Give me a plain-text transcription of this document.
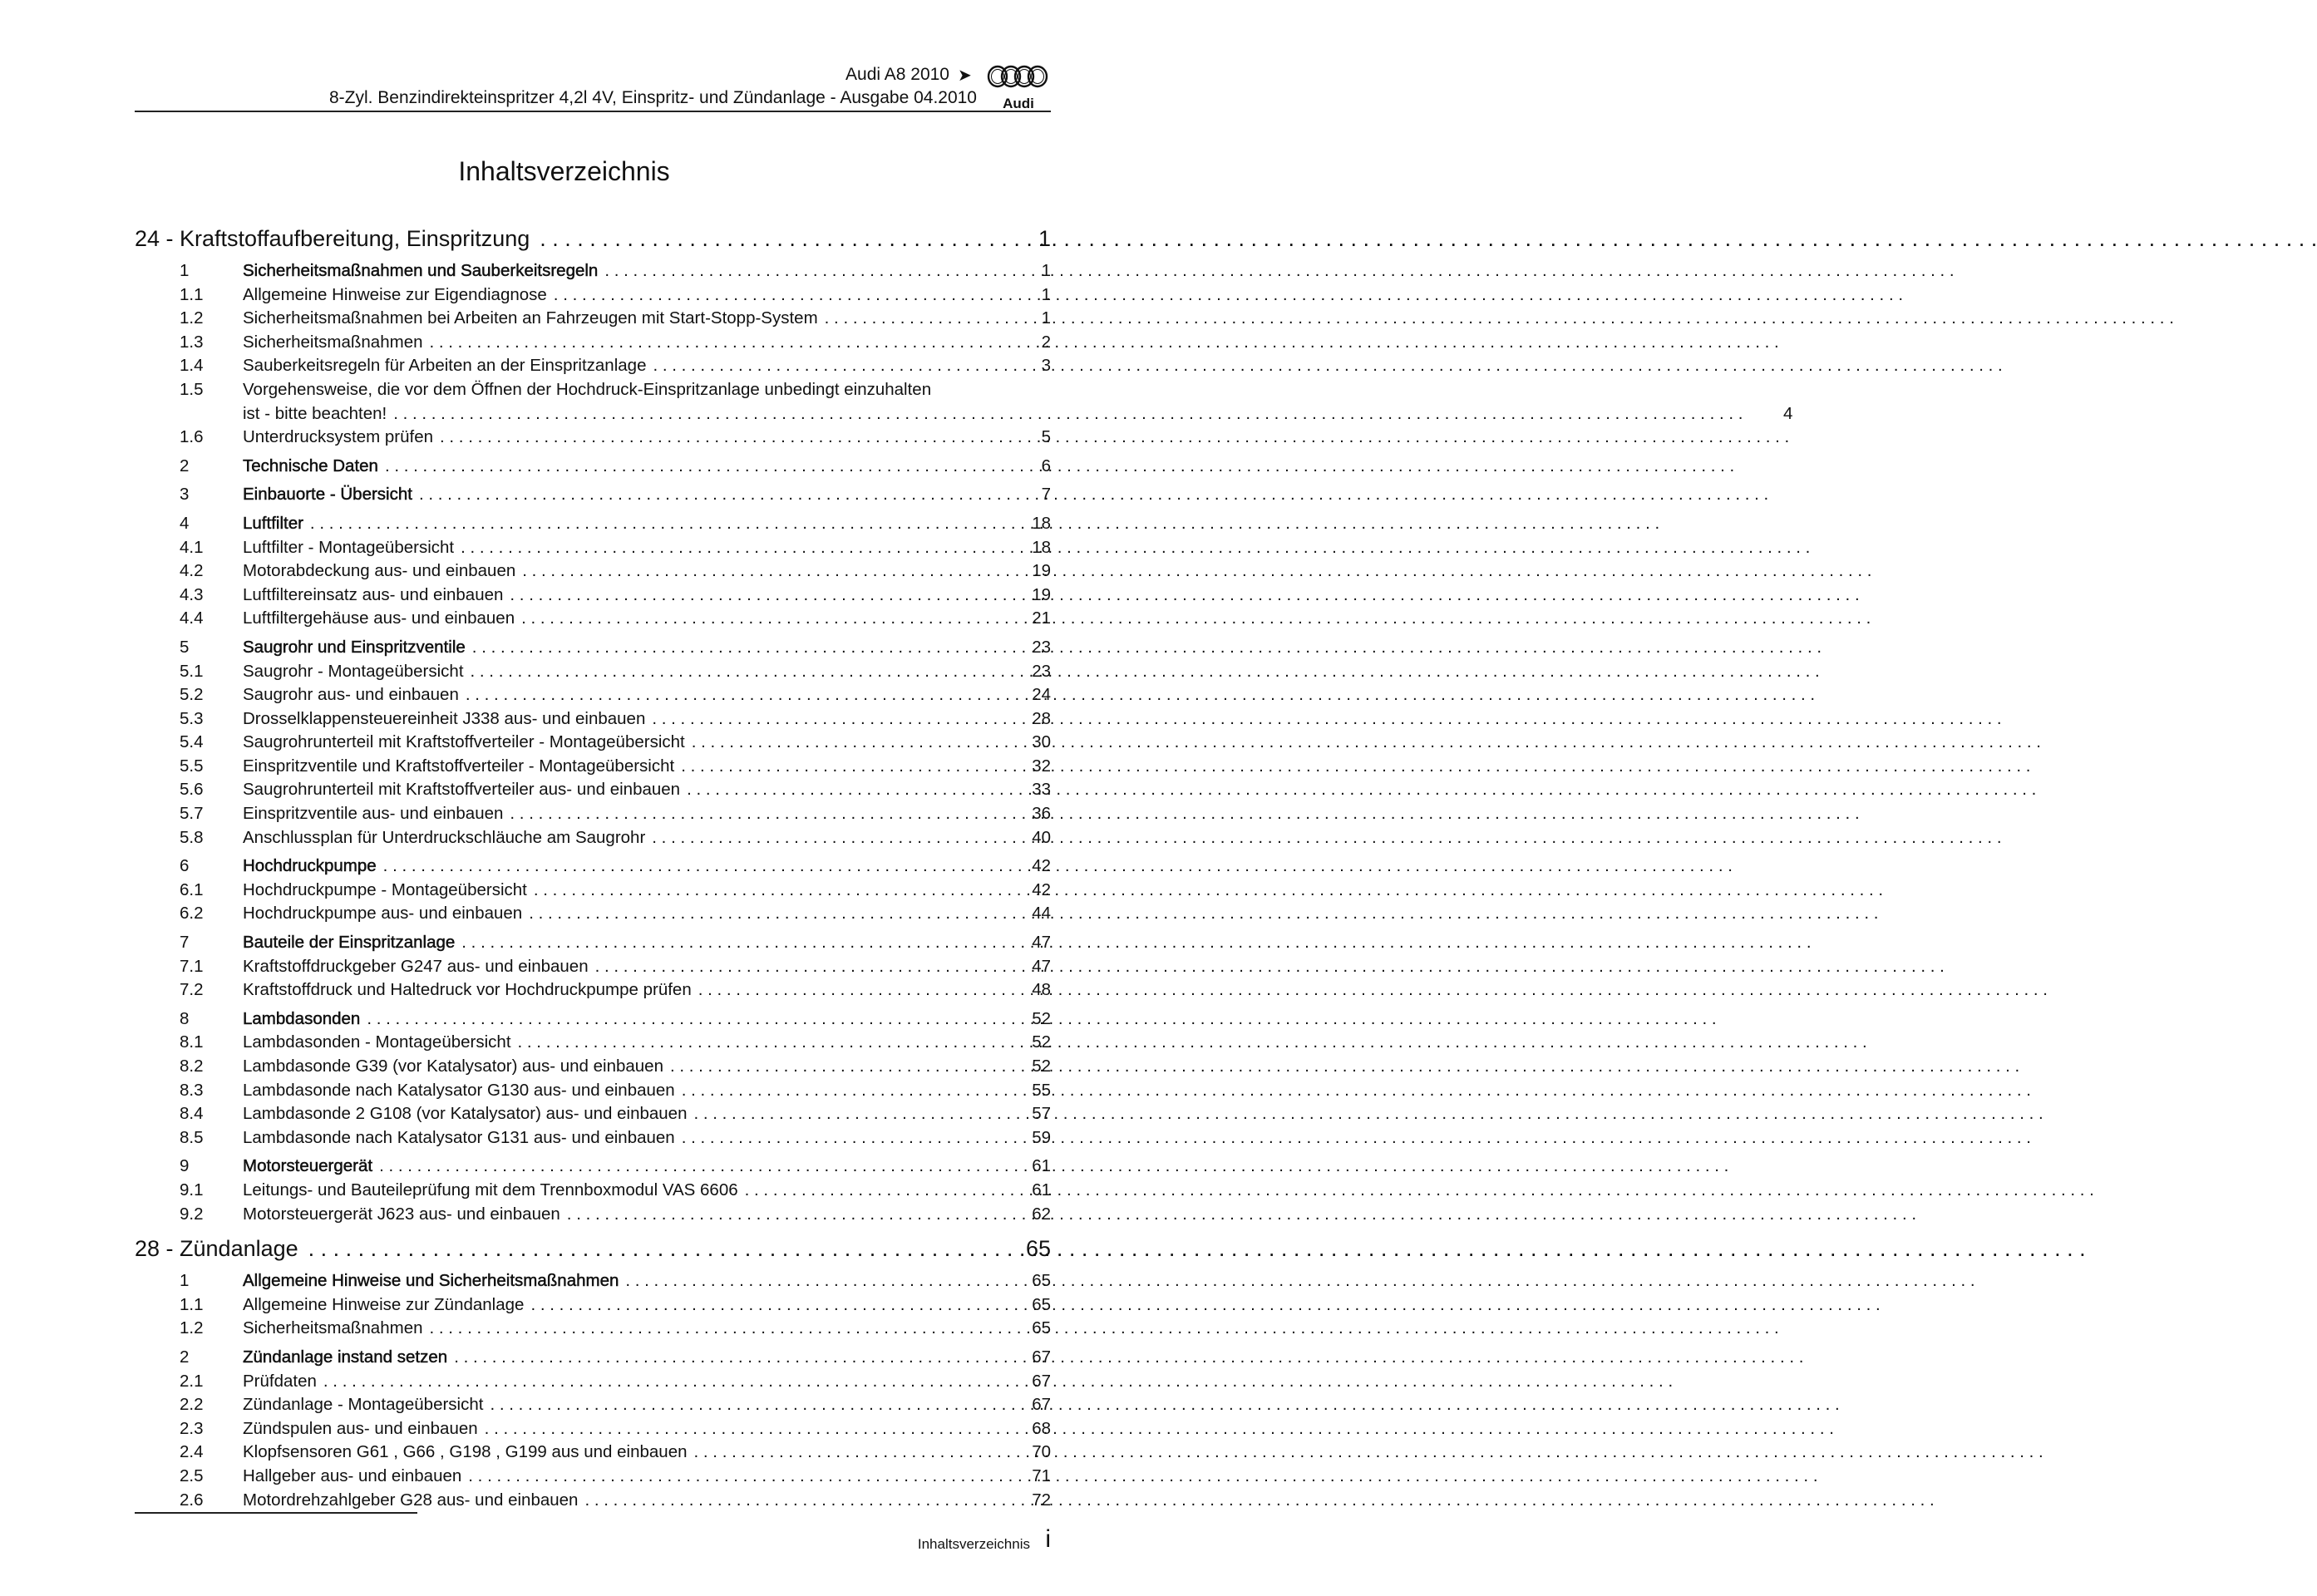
Audi A8 2010 ➤
8-Zyl. Benzindirekteinspritzer 4,2l 4V, Einspritz- und Zündanlage - Ausgabe 04.2010 Audi
Inhaltsverzeichnis
24 - Kraftstoffaufbereitung, Einspritzung . . .	1
1	Sicherheitsmaßnahmen und Sauberkeitsregeln . . .	1
1.1 Allgemeine Hinweise zur Eigendiagnose . . .	1
1.2 Sicherheitsmaßnahmen bei Arbeiten an Fahrzeugen mit Start-Stopp-System . . .	1
1.3 Sicherheitsmaßnahmen . . .	2
1.4 Sauberkeitsregeln für Arbeiten an der Einspritzanlage . . .	3
1.5 Vorgehensweise, die vor dem Öffnen der Hochdruck-Einspritzanlage unbedingt einzuhalten
ist - bitte beachten! . . .	4
1.6 Unterdrucksystem prüfen . . .	5
2	Technische Daten . . .	6
3	Einbauorte - Übersicht . . .	7
4	Luftfilter . . .	18
4.1 Luftfilter - Montageübersicht . . .	18
4.2 Motorabdeckung aus- und einbauen . . .	19
4.3 Luftfiltereinsatz aus- und einbauen . . .	19
4.4 Luftfiltergehäuse aus- und einbauen . . .	21
5	Saugrohr und Einspritzventile . . .	23
5.1 Saugrohr - Montageübersicht . . .	23
5.2 Saugrohr aus- und einbauen . . .	24
5.3 Drosselklappensteuereinheit J338 aus- und einbauen . . .	28
5.4 Saugrohrunterteil mit Kraftstoffverteiler - Montageübersicht . . .	30
5.5 Einspritzventile und Kraftstoffverteiler - Montageübersicht . . .	32
5.6 Saugrohrunterteil mit Kraftstoffverteiler aus- und einbauen . . .	33
5.7 Einspritzventile aus- und einbauen . . .	36
5.8 Anschlussplan für Unterdruckschläuche am Saugrohr . . .	40
6	Hochdruckpumpe . . .	42
6.1 Hochdruckpumpe - Montageübersicht . . .	42
6.2 Hochdruckpumpe aus- und einbauen . . .	44
7	Bauteile der Einspritzanlage . . .	47
7.1 Kraftstoffdruckgeber G247 aus- und einbauen . . .	47
7.2 Kraftstoffdruck und Haltedruck vor Hochdruckpumpe prüfen . . .	48
8	Lambdasonden . . .	52
8.1 Lambdasonden - Montageübersicht . . .	52
8.2 Lambdasonde G39 (vor Katalysator) aus- und einbauen . . .	52
8.3 Lambdasonde nach Katalysator G130 aus- und einbauen . . .	55
8.4 Lambdasonde 2 G108 (vor Katalysator) aus- und einbauen . . .	57
8.5 Lambdasonde nach Katalysator G131 aus- und einbauen . . .	59
9	Motorsteuergerät . . .	61
9.1 Leitungs- und Bauteileprüfung mit dem Trennboxmodul VAS 6606 . . .	61
9.2 Motorsteuergerät J623 aus- und einbauen . . .	62
28 - Zündanlage . . .	65
1	Allgemeine Hinweise und Sicherheitsmaßnahmen . . .	65
1.1 Allgemeine Hinweise zur Zündanlage . . .	65
1.2 Sicherheitsmaßnahmen . . .	65
2	Zündanlage instand setzen . . .	67
2.1 Prüfdaten . . .	67
2.2 Zündanlage - Montageübersicht . . .	67
2.3 Zündspulen aus- und einbauen . . .	68
2.4 Klopfsensoren G61 , G66 , G198 , G199 aus und einbauen . . .	70
2.5 Hallgeber aus- und einbauen . . .	71
2.6 Motordrehzahlgeber G28 aus- und einbauen . . .	72
Inhaltsverzeichnis i
